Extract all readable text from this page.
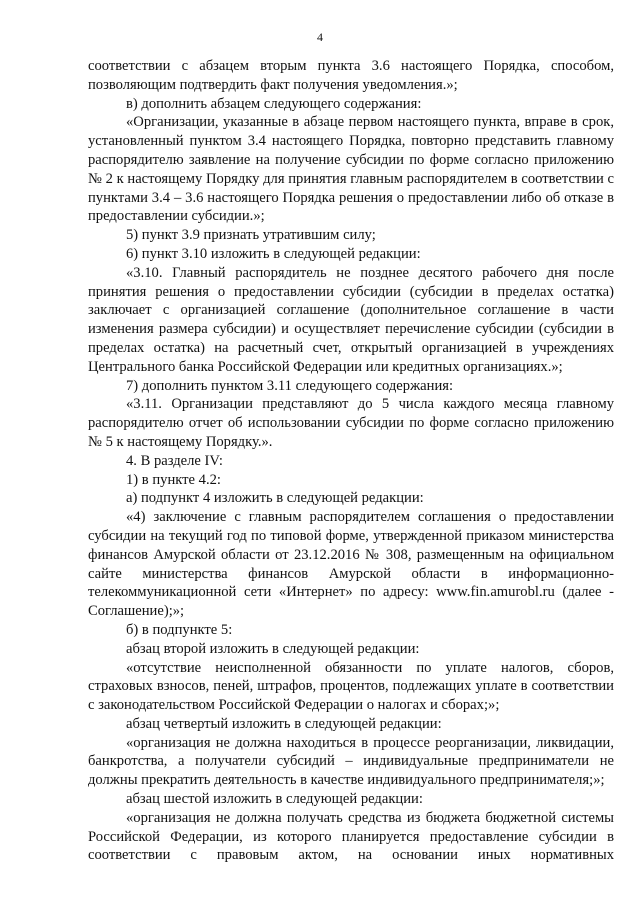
4

соответствии с абзацем вторым пункта 3.6 настоящего Порядка, способом, позволяющим подтвердить факт получения уведомления.»;

в) дополнить абзацем следующего содержания:

«Организации, указанные в абзаце первом настоящего пункта, вправе в срок, установленный пунктом 3.4 настоящего Порядка, повторно представить главному распорядителю заявление на получение субсидии по форме согласно приложению № 2 к настоящему Порядку для принятия главным распорядителем в соответствии с пунктами 3.4 – 3.6 настоящего Порядка решения о предоставлении либо об отказе в предоставлении субсидии.»;

5) пункт 3.9 признать утратившим силу;

6) пункт 3.10 изложить в следующей редакции:

«3.10. Главный распорядитель не позднее десятого рабочего дня после принятия решения о предоставлении субсидии (субсидии в пределах остатка) заключает с организацией соглашение (дополнительное соглашение в части изменения размера субсидии) и осуществляет перечисление субсидии (субсидии в пределах остатка) на расчетный счет, открытый организацией в учреждениях Центрального банка Российской Федерации или кредитных организациях.»;

7) дополнить пунктом 3.11 следующего содержания:

«3.11. Организации представляют до 5 числа каждого месяца главному распорядителю отчет об использовании субсидии по форме согласно приложению № 5 к настоящему Порядку.».

4. В разделе IV:

1) в пункте 4.2:

а) подпункт 4 изложить в следующей редакции:

«4) заключение с главным распорядителем соглашения о предоставлении субсидии на текущий год по типовой форме, утвержденной приказом министерства финансов Амурской области от 23.12.2016 № 308, размещенным на официальном сайте министерства финансов Амурской области в информационно-телекоммуникационной сети «Интернет» по адресу: www.fin.amurobl.ru (далее - Соглашение);»;

б) в подпункте 5:

абзац второй изложить в следующей редакции:

«отсутствие неисполненной обязанности по уплате налогов, сборов, страховых взносов, пеней, штрафов, процентов, подлежащих уплате в соответствии с законодательством Российской Федерации о налогах и сборах;»;

абзац четвертый изложить в следующей редакции:

«организация не должна находиться в процессе реорганизации, ликвидации, банкротства, а получатели субсидий – индивидуальные предприниматели не должны прекратить деятельность в качестве индивидуального предпринимателя;»;

абзац шестой изложить в следующей редакции:

«организация не должна получать средства из бюджета бюджетной системы Российской Федерации, из которого планируется предоставление субсидии в соответствии с правовым актом, на основании иных нормативных
